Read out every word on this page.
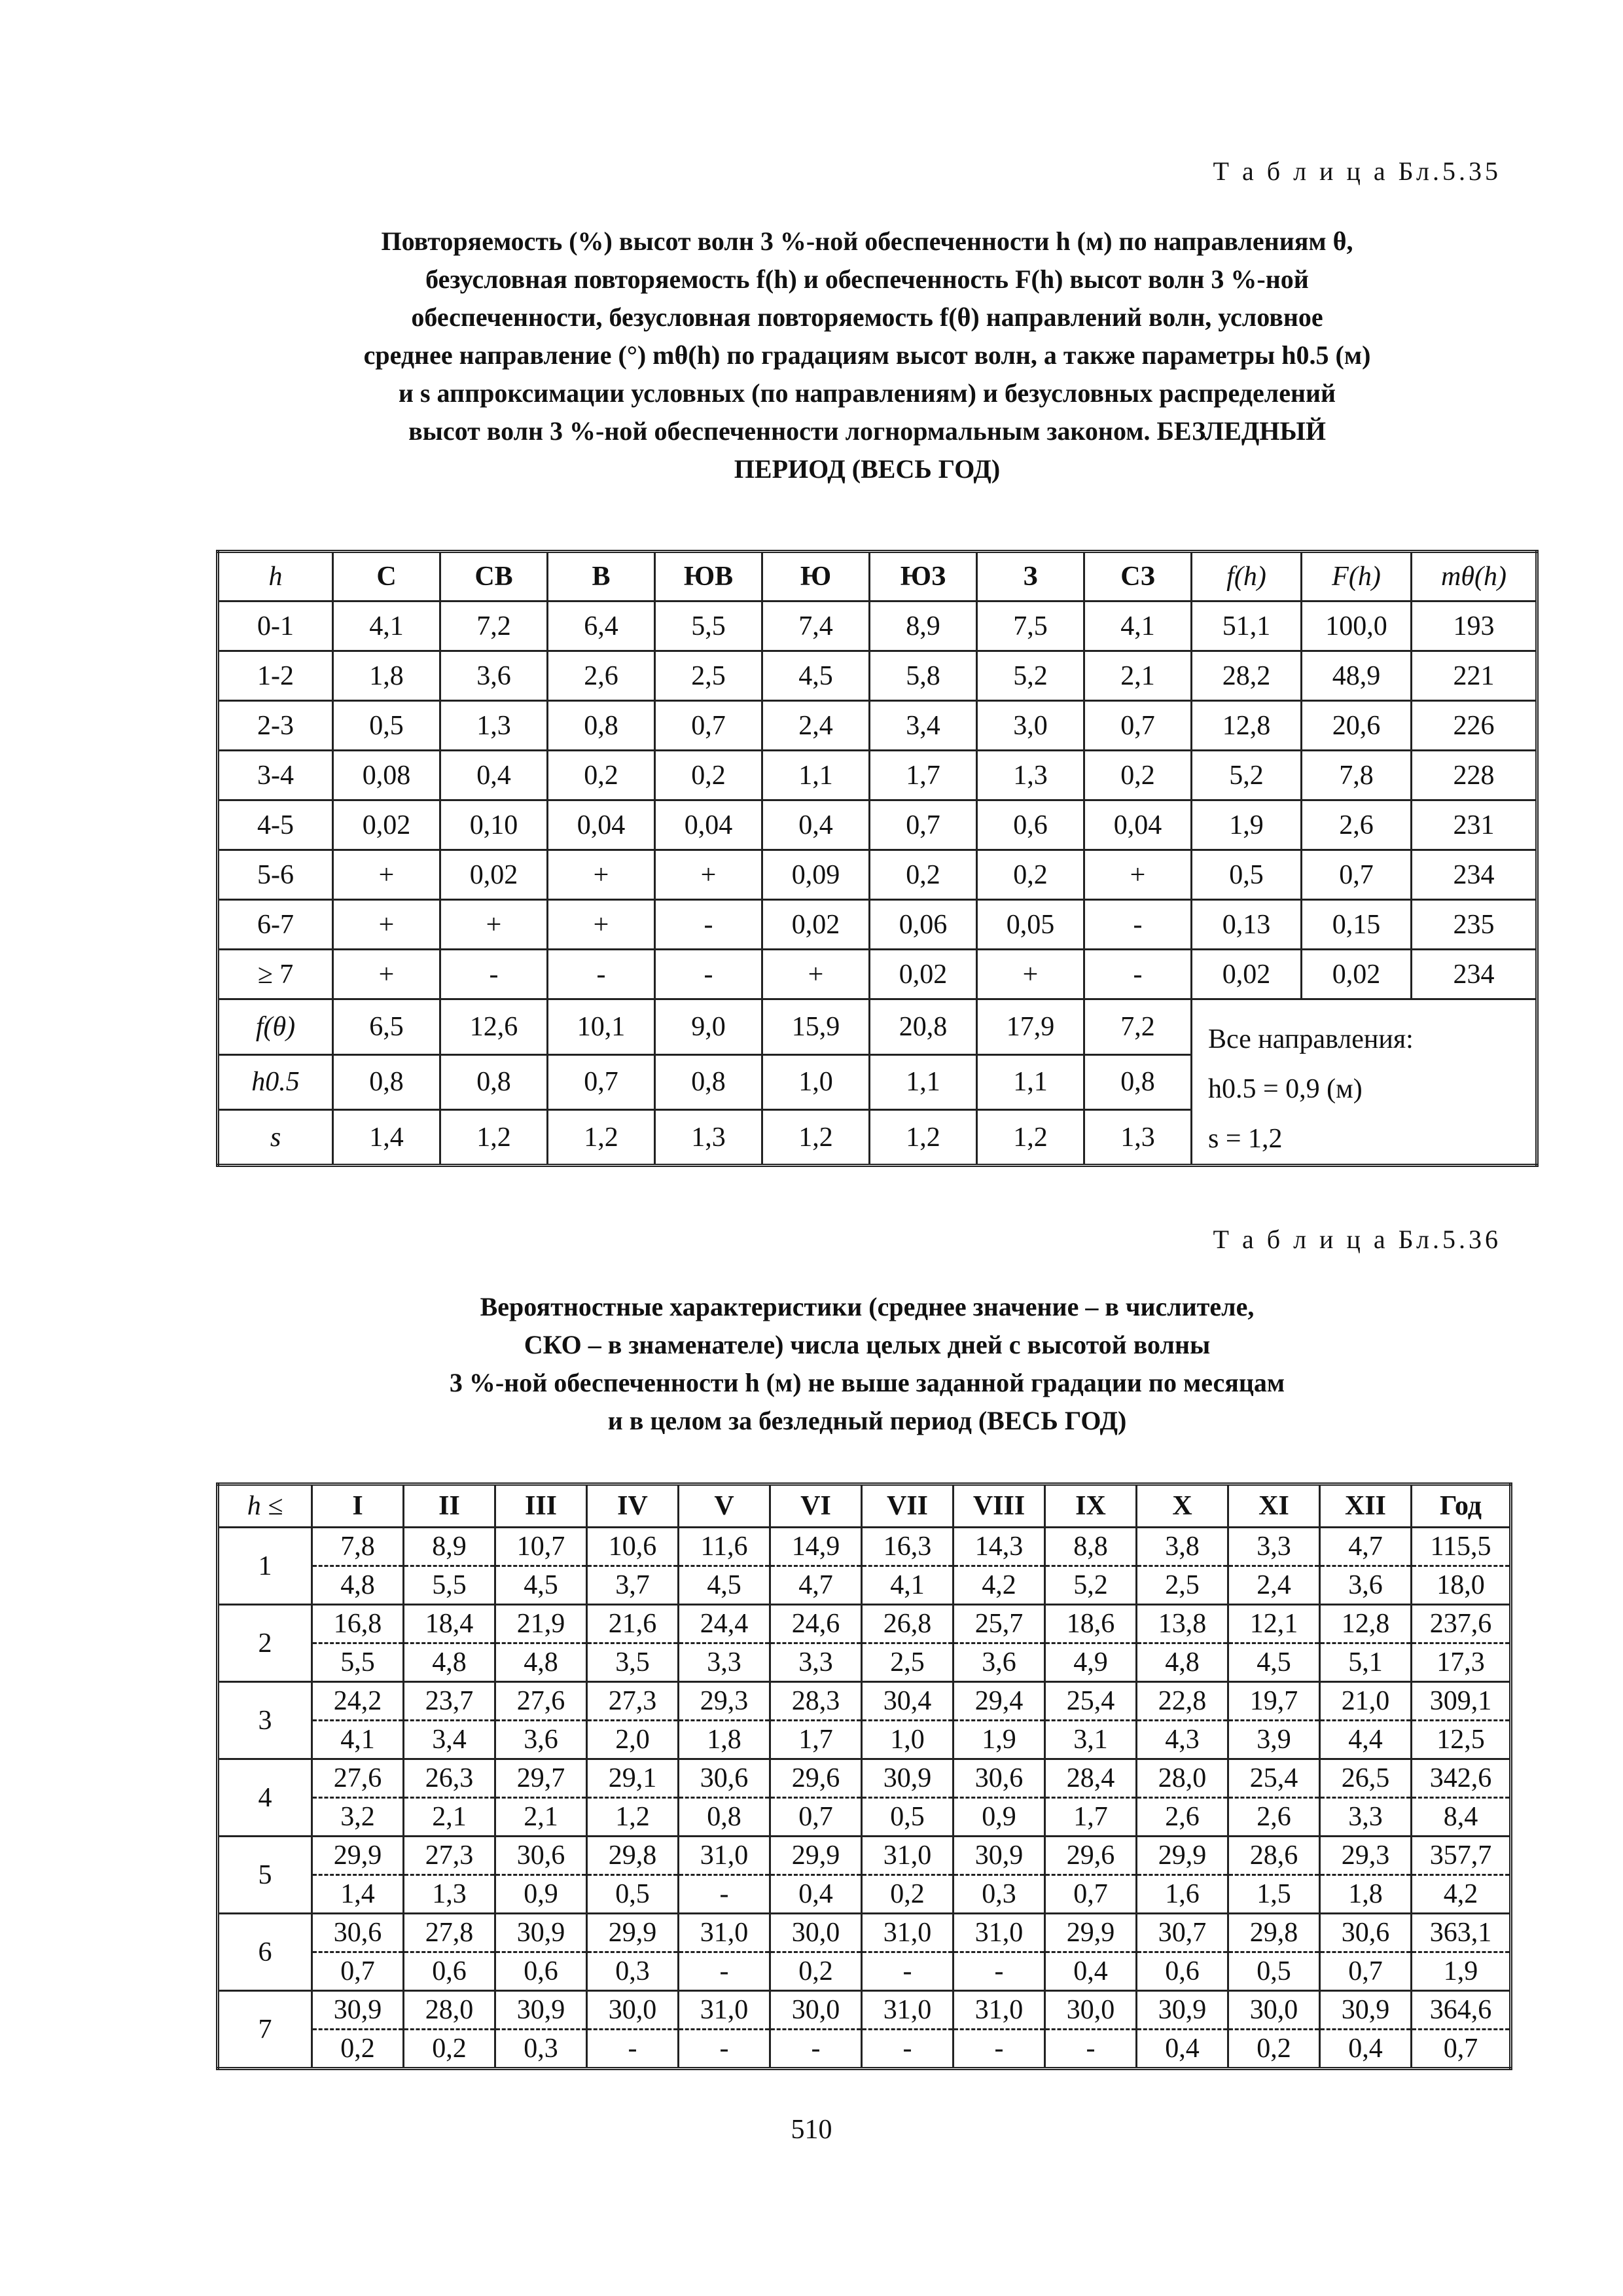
Т а б л и ц а Бл.5.35
Повторяемость (%) высот волн 3 %-ной обеспеченности h (м) по направлениям θ,
безусловная повторяемость f(h) и обеспеченность F(h) высот волн 3 %-ной
обеспеченности, безусловная повторяемость f(θ) направлений волн, условное
среднее направление (°) mθ(h) по градациям высот волн, а также параметры h0.5 (м)
и s аппроксимации условных (по направлениям) и безусловных распределений
высот волн 3 %-ной обеспеченности логнормальным законом. БЕЗЛЕДНЫЙ
ПЕРИОД (ВЕСЬ ГОД)
h	С	СВ	В	ЮВ	Ю	ЮЗ	З	СЗ	f(h)	F(h)	mθ(h)
0-1	4,1	7,2	6,4	5,5	7,4	8,9	7,5	4,1	51,1	100,0	193
1-2	1,8	3,6	2,6	2,5	4,5	5,8	5,2	2,1	28,2	48,9	221
2-3	0,5	1,3	0,8	0,7	2,4	3,4	3,0	0,7	12,8	20,6	226
3-4	0,08	0,4	0,2	0,2	1,1	1,7	1,3	0,2	5,2	7,8	228
4-5	0,02	0,10	0,04	0,04	0,4	0,7	0,6	0,04	1,9	2,6	231
5-6	+	0,02	+	+	0,09	0,2	0,2	+	0,5	0,7	234
6-7	+	+	+	-	0,02	0,06	0,05	-	0,13	0,15	235
≥ 7	+	-	-	-	+	0,02	+	-	0,02	0,02	234
f(θ)	6,5	12,6	10,1	9,0	15,9	20,8	17,9	7,2	Все направления:
h0.5 = 0,9 (м)
s = 1,2		

h0.5	0,8	0,8	0,7	0,8	1,0	1,1	1,1	0,8			
s	1,4	1,2	1,2	1,3	1,2	1,2	1,2	1,3			
Т а б л и ц а Бл.5.36
Вероятностные характеристики (среднее значение – в числителе,
СКО – в знаменателе) числа целых дней с высотой волны
3 %-ной обеспеченности h (м) не выше заданной градации по месяцам
и в целом за безледный период (ВЕСЬ ГОД)
h ≤	I	II	III	IV	V	VI	VII	VIII	IX	X	XI	XII	Год
1	7,8	8,9	10,7	10,6	11,6	14,9	16,3	14,3	8,8	3,8	3,3	4,7	115,5
	4,8	5,5	4,5	3,7	4,5	4,7	4,1	4,2	5,2	2,5	2,4	3,6	18,0
2	16,8	18,4	21,9	21,6	24,4	24,6	26,8	25,7	18,6	13,8	12,1	12,8	237,6
	5,5	4,8	4,8	3,5	3,3	3,3	2,5	3,6	4,9	4,8	4,5	5,1	17,3
3	24,2	23,7	27,6	27,3	29,3	28,3	30,4	29,4	25,4	22,8	19,7	21,0	309,1
	4,1	3,4	3,6	2,0	1,8	1,7	1,0	1,9	3,1	4,3	3,9	4,4	12,5
4	27,6	26,3	29,7	29,1	30,6	29,6	30,9	30,6	28,4	28,0	25,4	26,5	342,6
	3,2	2,1	2,1	1,2	0,8	0,7	0,5	0,9	1,7	2,6	2,6	3,3	8,4
5	29,9	27,3	30,6	29,8	31,0	29,9	31,0	30,9	29,6	29,9	28,6	29,3	357,7
	1,4	1,3	0,9	0,5	-	0,4	0,2	0,3	0,7	1,6	1,5	1,8	4,2
6	30,6	27,8	30,9	29,9	31,0	30,0	31,0	31,0	29,9	30,7	29,8	30,6	363,1
	0,7	0,6	0,6	0,3	-	0,2	-	-	0,4	0,6	0,5	0,7	1,9
7	30,9	28,0	30,9	30,0	31,0	30,0	31,0	31,0	30,0	30,9	30,0	30,9	364,6
	0,2	0,2	0,3	-	-	-	-	-	-	0,4	0,2	0,4	0,7
510
